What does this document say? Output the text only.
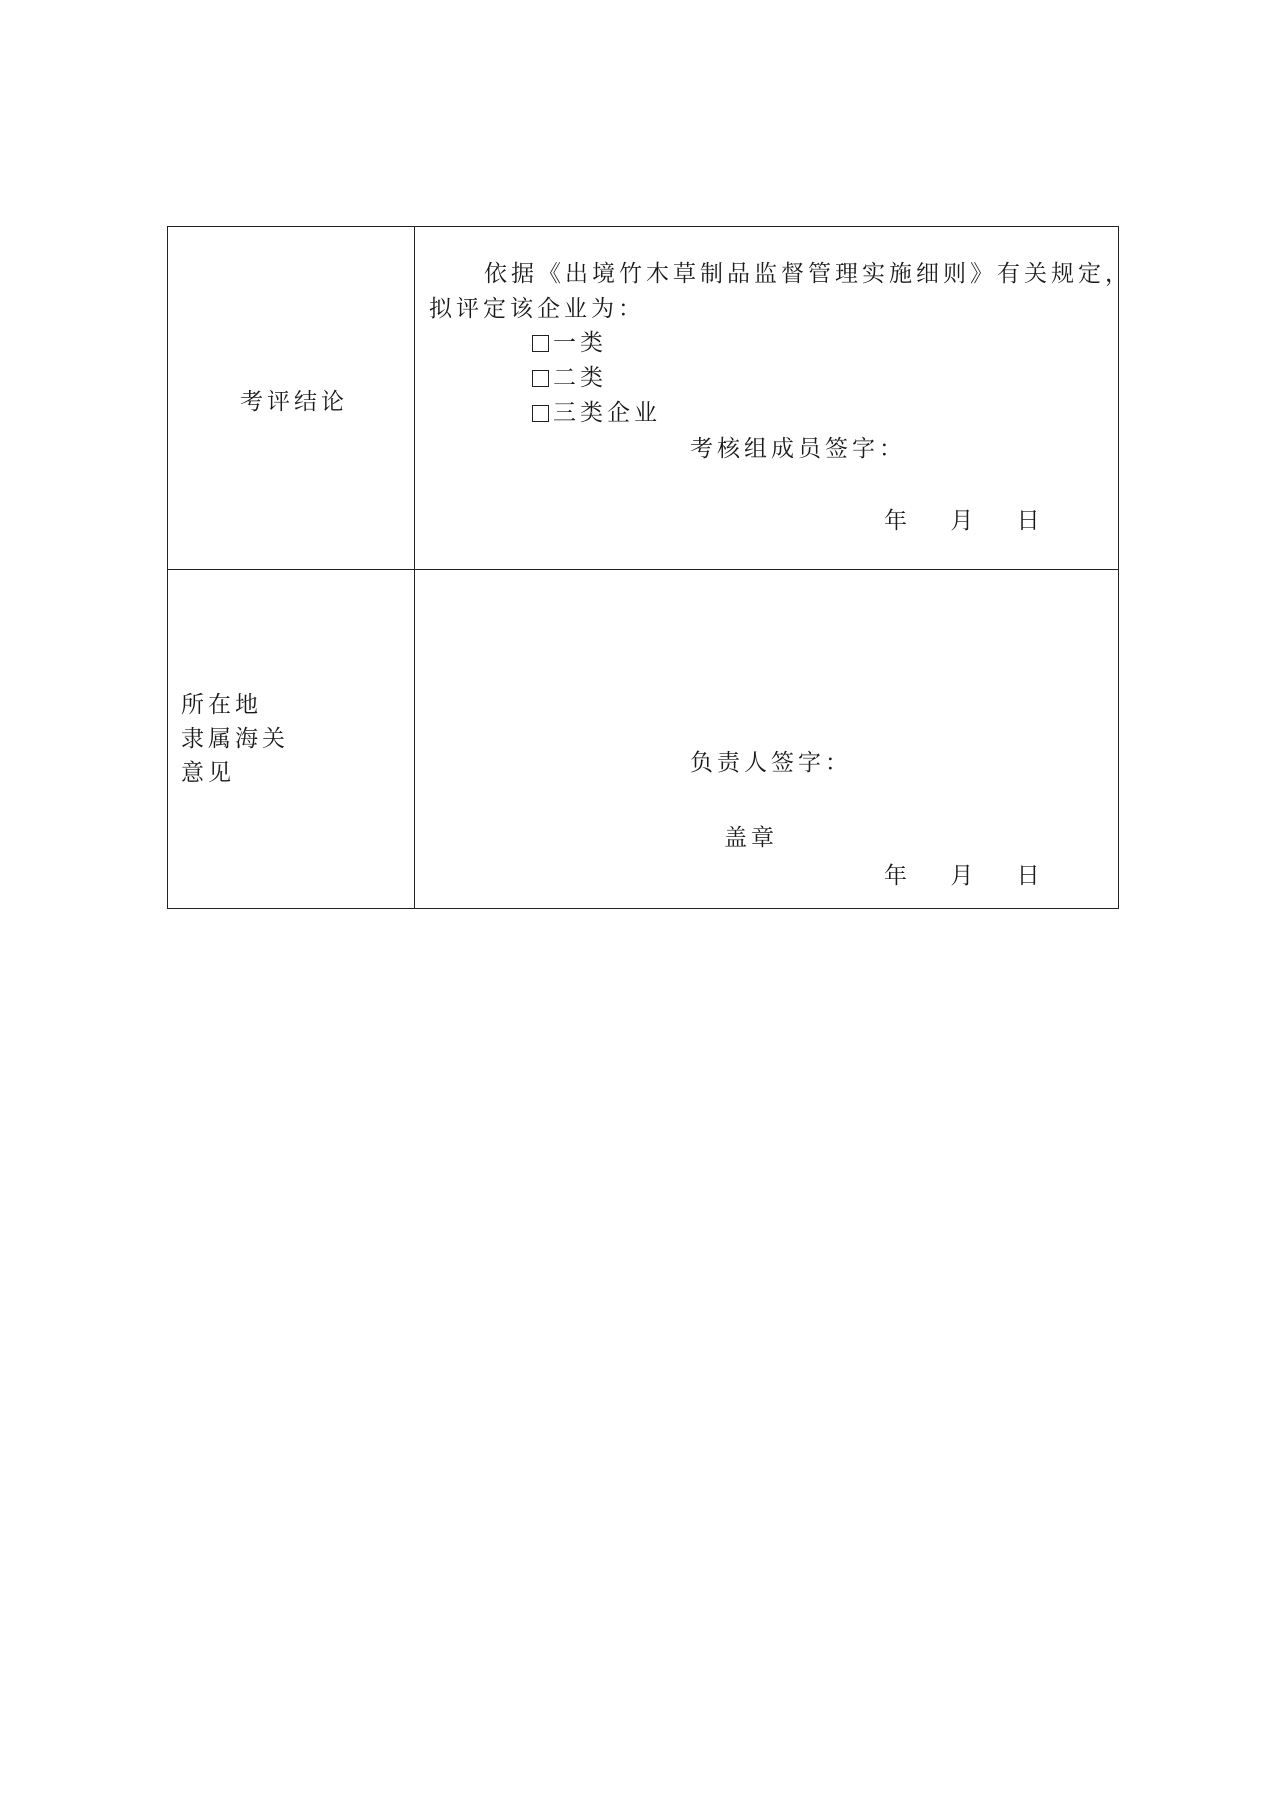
考评结论
依据《出境竹木草制品监督管理实施细则》有关规定，
拟评定该企业为：
一类
二类
三类企业
考核组成员签字：
年 月 日
所在地
隶属海关
意见	负责人签字：
盖章
年 月 日
